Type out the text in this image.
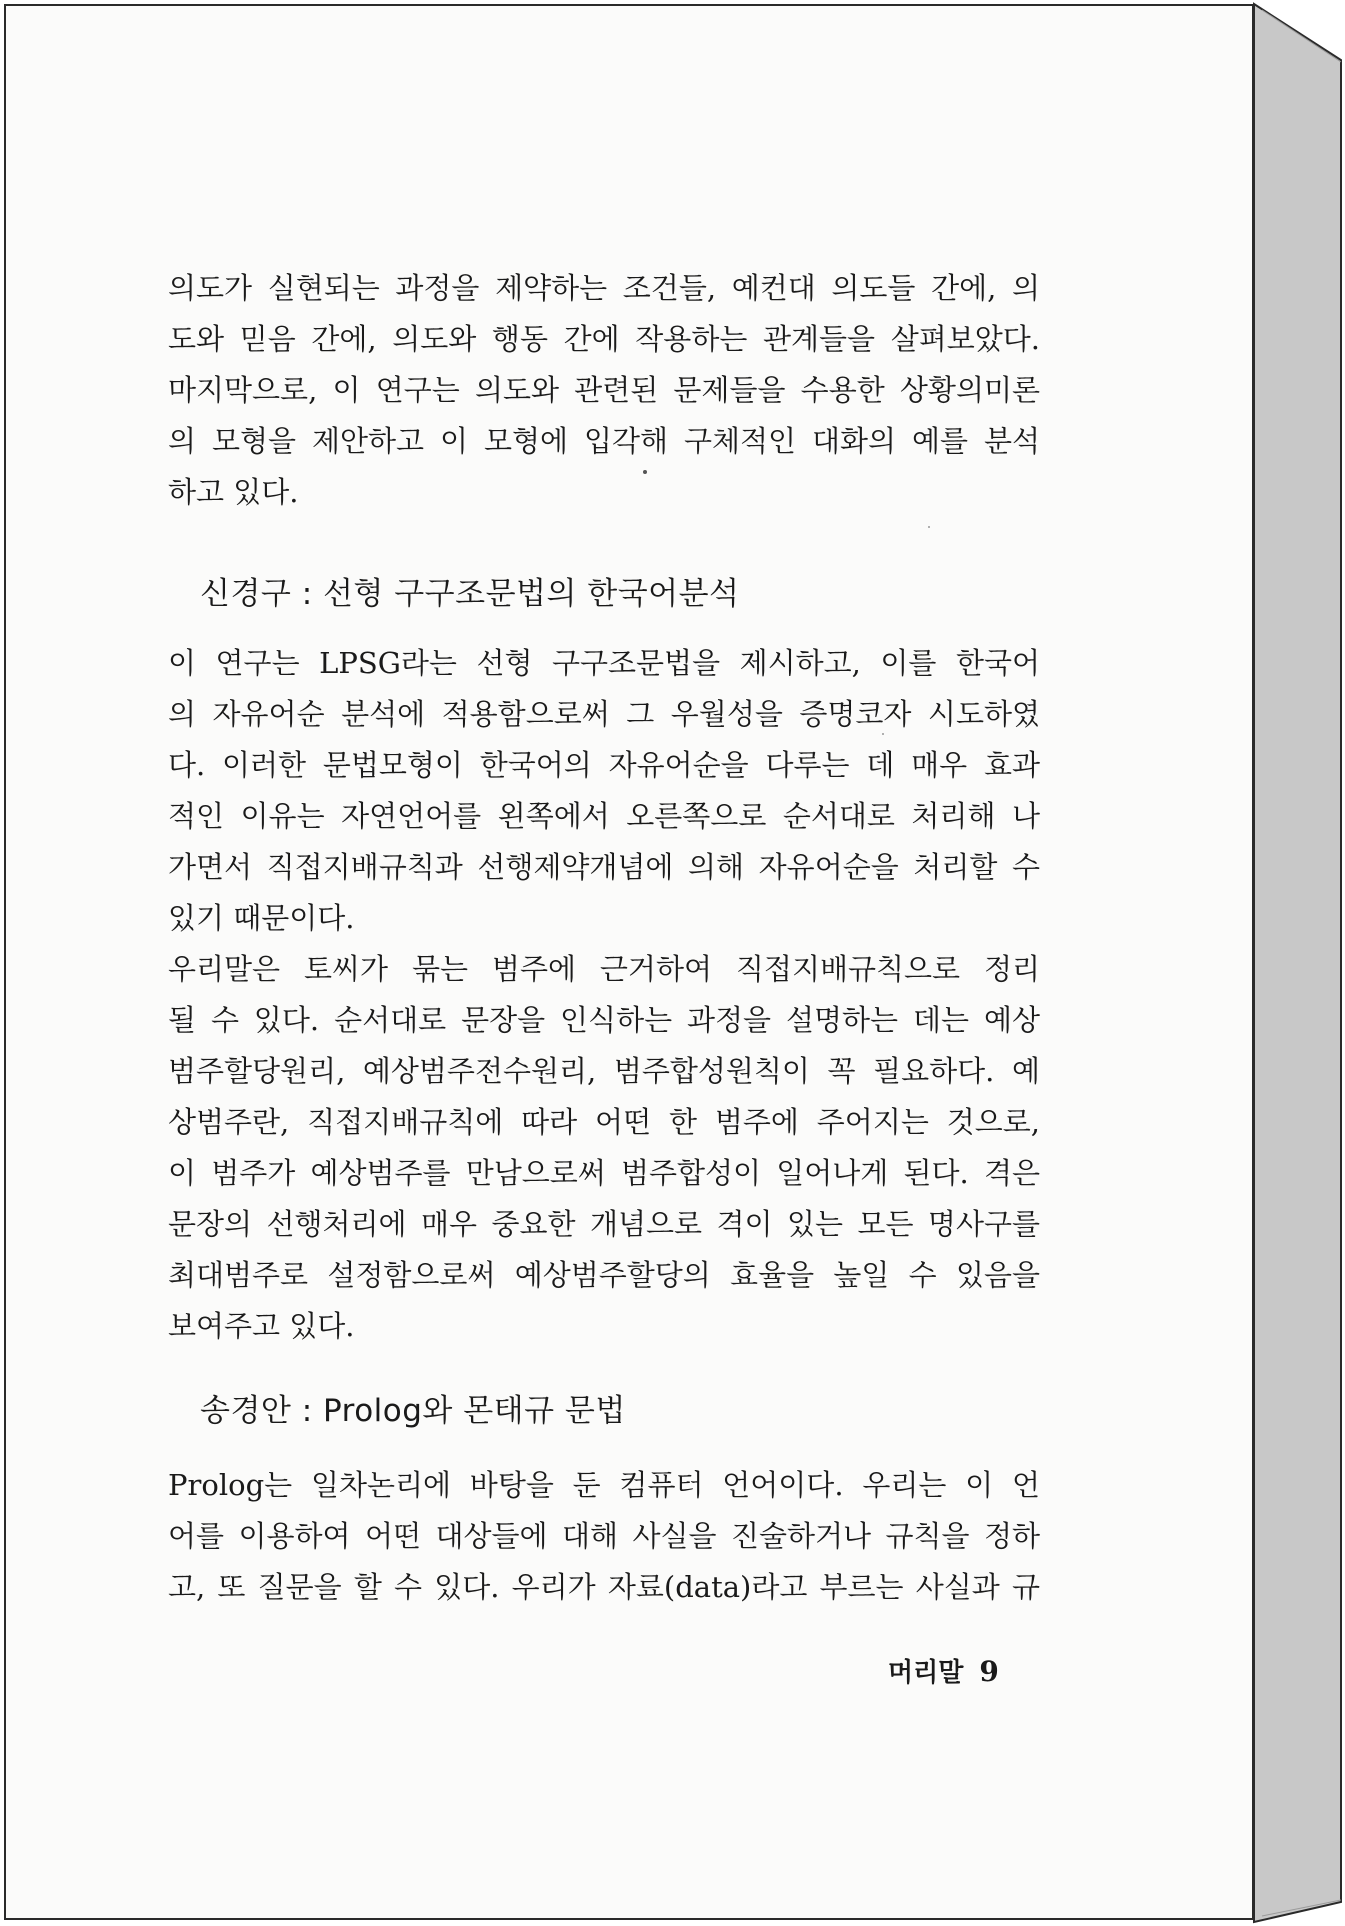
의도가 실현되는 과정을 제약하는 조건들, 예컨대 의도들 간에, 의
도와 믿음 간에, 의도와 행동 간에 작용하는 관계들을 살펴보았다.
마지막으로, 이 연구는 의도와 관련된 문제들을 수용한 상황의미론
의 모형을 제안하고 이 모형에 입각해 구체적인 대화의 예를 분석
하고 있다.
신경구 : 선형 구구조문법의 한국어분석
이 연구는 LPSG라는 선형 구구조문법을 제시하고, 이를 한국어
의 자유어순 분석에 적용함으로써 그 우월성을 증명코자 시도하였
다. 이러한 문법모형이 한국어의 자유어순을 다루는 데 매우 효과
적인 이유는 자연언어를 왼쪽에서 오른쪽으로 순서대로 처리해 나
가면서 직접지배규칙과 선행제약개념에 의해 자유어순을 처리할 수
있기 때문이다.
우리말은 토씨가 묶는 범주에 근거하여 직접지배규칙으로 정리
될 수 있다. 순서대로 문장을 인식하는 과정을 설명하는 데는 예상
범주할당원리, 예상범주전수원리, 범주합성원칙이 꼭 필요하다. 예
상범주란, 직접지배규칙에 따라 어떤 한 범주에 주어지는 것으로,
이 범주가 예상범주를 만남으로써 범주합성이 일어나게 된다. 격은
문장의 선행처리에 매우 중요한 개념으로 격이 있는 모든 명사구를
최대범주로 설정함으로써 예상범주할당의 효율을 높일 수 있음을
보여주고 있다.
송경안 : Prolog와 몬태규 문법
Prolog는 일차논리에 바탕을 둔 컴퓨터 언어이다. 우리는 이 언
어를 이용하여 어떤 대상들에 대해 사실을 진술하거나 규칙을 정하
고, 또 질문을 할 수 있다. 우리가 자료(data)라고 부르는 사실과 규
머리말 9
